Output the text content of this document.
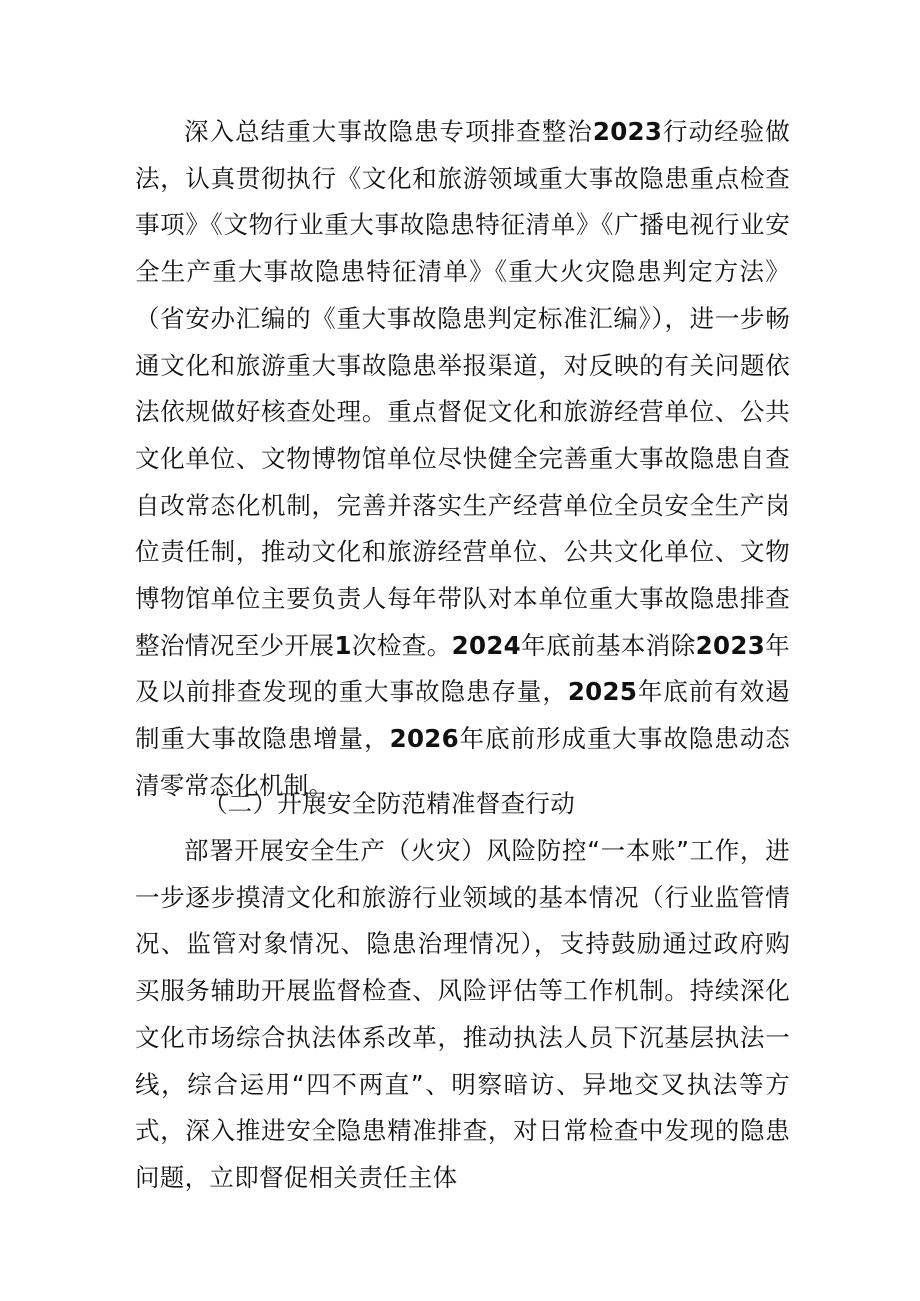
深入总结重大事故隐患专项排查整治2023行动经验做法，认真贯彻执行《文化和旅游领域重大事故隐患重点检查事项》《文物行业重大事故隐患特征清单》《广播电视行业安全生产重大事故隐患特征清单》《重大火灾隐患判定方法》（省安办汇编的《重大事故隐患判定标准汇编》），进一步畅通文化和旅游重大事故隐患举报渠道，对反映的有关问题依法依规做好核查处理。重点督促文化和旅游经营单位、公共文化单位、文物博物馆单位尽快健全完善重大事故隐患自查自改常态化机制，完善并落实生产经营单位全员安全生产岗位责任制，推动文化和旅游经营单位、公共文化单位、文物博物馆单位主要负责人每年带队对本单位重大事故隐患排查整治情况至少开展1次检查。2024年底前基本消除2023年及以前排查发现的重大事故隐患存量，2025年底前有效遏制重大事故隐患增量，2026年底前形成重大事故隐患动态清零常态化机制。

（二）开展安全防范精准督查行动

部署开展安全生产（火灾）风险防控“一本账”工作，进一步逐步摸清文化和旅游行业领域的基本情况（行业监管情况、监管对象情况、隐患治理情况），支持鼓励通过政府购买服务辅助开展监督检查、风险评估等工作机制。持续深化文化市场综合执法体系改革，推动执法人员下沉基层执法一线，综合运用“四不两直”、明察暗访、异地交叉执法等方式，深入推进安全隐患精准排查，对日常检查中发现的隐患问题，立即督促相关责任主体
